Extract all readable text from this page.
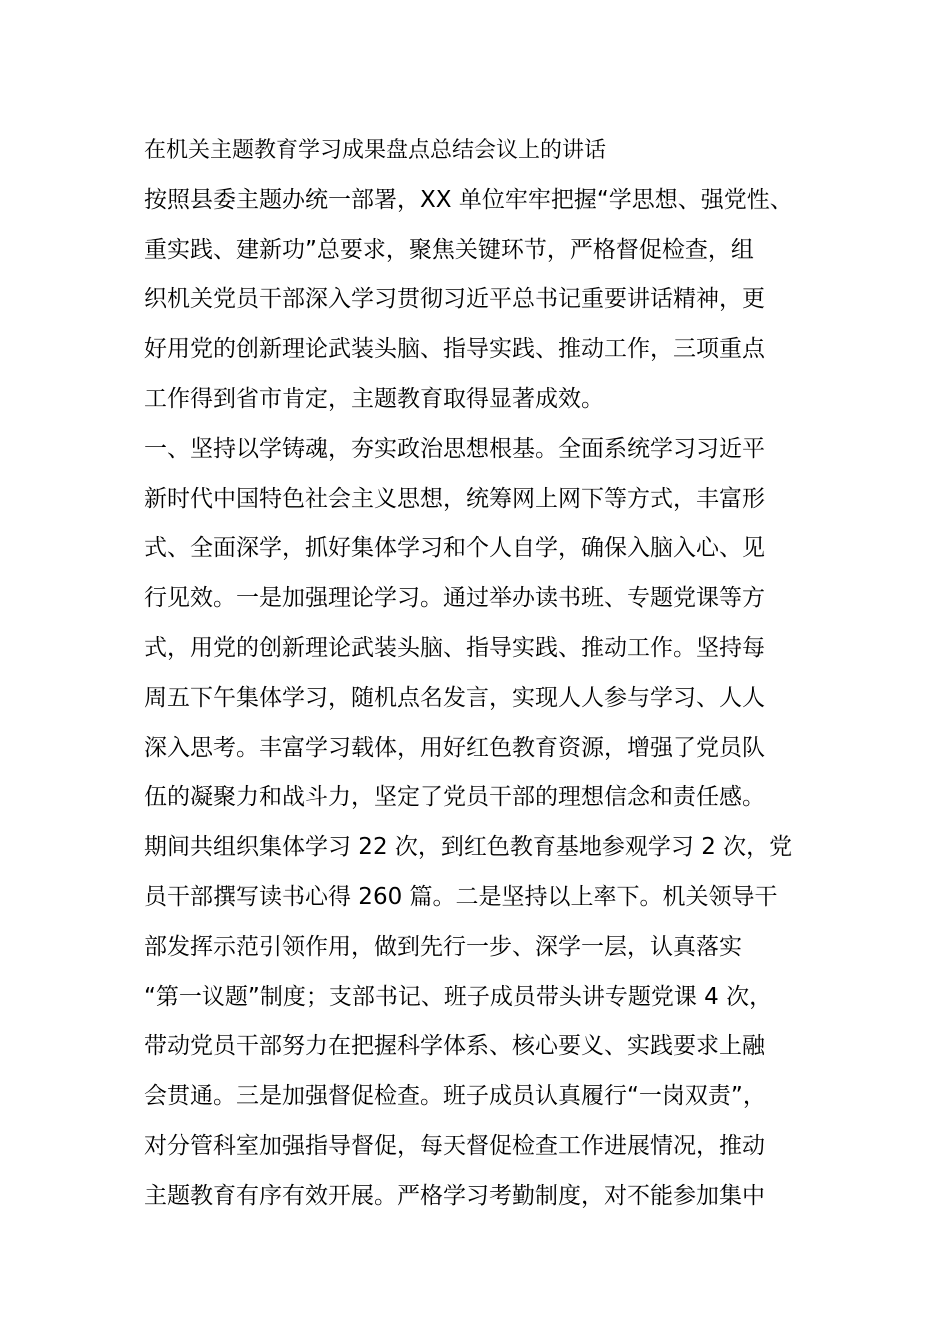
在机关主题教育学习成果盘点总结会议上的讲话
按照县委主题办统一部署，XX 单位牢牢把握“学思想、强党性、
重实践、建新功”总要求，聚焦关键环节，严格督促检查，组
织机关党员干部深入学习贯彻习近平总书记重要讲话精神，更
好用党的创新理论武装头脑、指导实践、推动工作，三项重点
工作得到省市肯定，主题教育取得显著成效。
一、坚持以学铸魂，夯实政治思想根基。全面系统学习习近平
新时代中国特色社会主义思想，统筹网上网下等方式，丰富形
式、全面深学，抓好集体学习和个人自学，确保入脑入心、见
行见效。一是加强理论学习。通过举办读书班、专题党课等方
式，用党的创新理论武装头脑、指导实践、推动工作。坚持每
周五下午集体学习，随机点名发言，实现人人参与学习、人人
深入思考。丰富学习载体，用好红色教育资源，增强了党员队
伍的凝聚力和战斗力，坚定了党员干部的理想信念和责任感。
期间共组织集体学习 22 次，到红色教育基地参观学习 2 次，党
员干部撰写读书心得 260 篇。二是坚持以上率下。机关领导干
部发挥示范引领作用，做到先行一步、深学一层，认真落实
“第一议题”制度；支部书记、班子成员带头讲专题党课 4 次，
带动党员干部努力在把握科学体系、核心要义、实践要求上融
会贯通。三是加强督促检查。班子成员认真履行“一岗双责”，
对分管科室加强指导督促，每天督促检查工作进展情况，推动
主题教育有序有效开展。严格学习考勤制度，对不能参加集中
